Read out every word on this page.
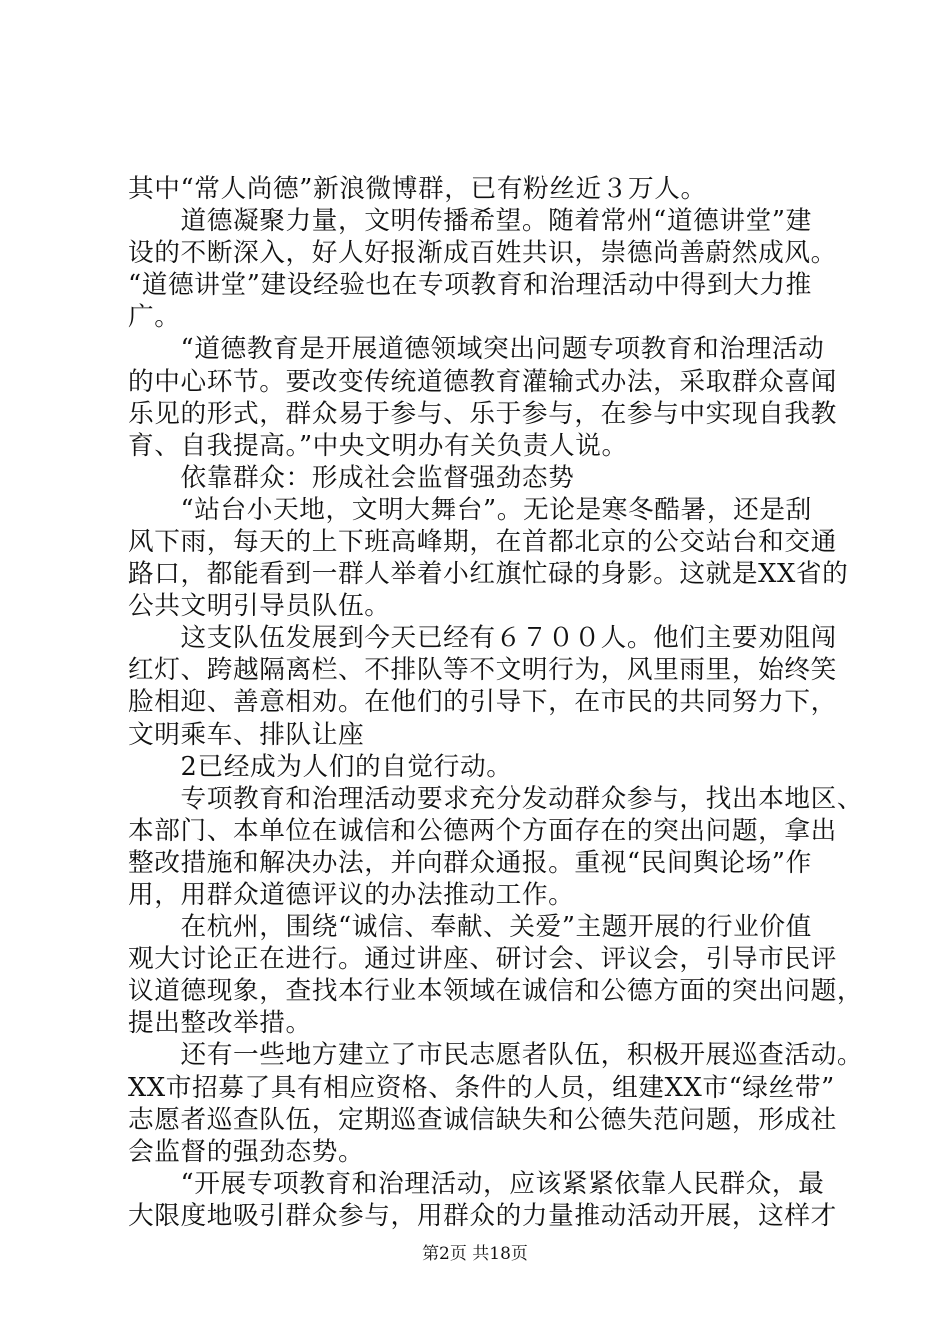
其中“常人尚德”新浪微博群，已有粉丝近３万人。
　　道德凝聚力量，文明传播希望。随着常州“道德讲堂”建
设的不断深入，好人好报渐成百姓共识，崇德尚善蔚然成风。
“道德讲堂”建设经验也在专项教育和治理活动中得到大力推
广。
　　“道德教育是开展道德领域突出问题专项教育和治理活动
的中心环节。要改变传统道德教育灌输式办法，采取群众喜闻
乐见的形式，群众易于参与、乐于参与，在参与中实现自我教
育、自我提高。”中央文明办有关负责人说。
　　依靠群众：形成社会监督强劲态势
　　“站台小天地，文明大舞台”。无论是寒冬酷暑，还是刮
风下雨，每天的上下班高峰期，在首都北京的公交站台和交通
路口，都能看到一群人举着小红旗忙碌的身影。这就是XX省的
公共文明引导员队伍。
　　这支队伍发展到今天已经有６７００人。他们主要劝阻闯
红灯、跨越隔离栏、不排队等不文明行为，风里雨里，始终笑
脸相迎、善意相劝。在他们的引导下，在市民的共同努力下，
文明乘车、排队让座
　　2已经成为人们的自觉行动。
　　专项教育和治理活动要求充分发动群众参与，找出本地区、
本部门、本单位在诚信和公德两个方面存在的突出问题，拿出
整改措施和解决办法，并向群众通报。重视“民间舆论场”作
用，用群众道德评议的办法推动工作。
　　在杭州，围绕“诚信、奉献、关爱”主题开展的行业价值
观大讨论正在进行。通过讲座、研讨会、评议会，引导市民评
议道德现象，查找本行业本领域在诚信和公德方面的突出问题，
提出整改举措。
　　还有一些地方建立了市民志愿者队伍，积极开展巡查活动。
XX市招募了具有相应资格、条件的人员，组建XX市“绿丝带”
志愿者巡查队伍，定期巡查诚信缺失和公德失范问题，形成社
会监督的强劲态势。
　　“开展专项教育和治理活动，应该紧紧依靠人民群众，最
大限度地吸引群众参与，用群众的力量推动活动开展，这样才
第2页 共18页
